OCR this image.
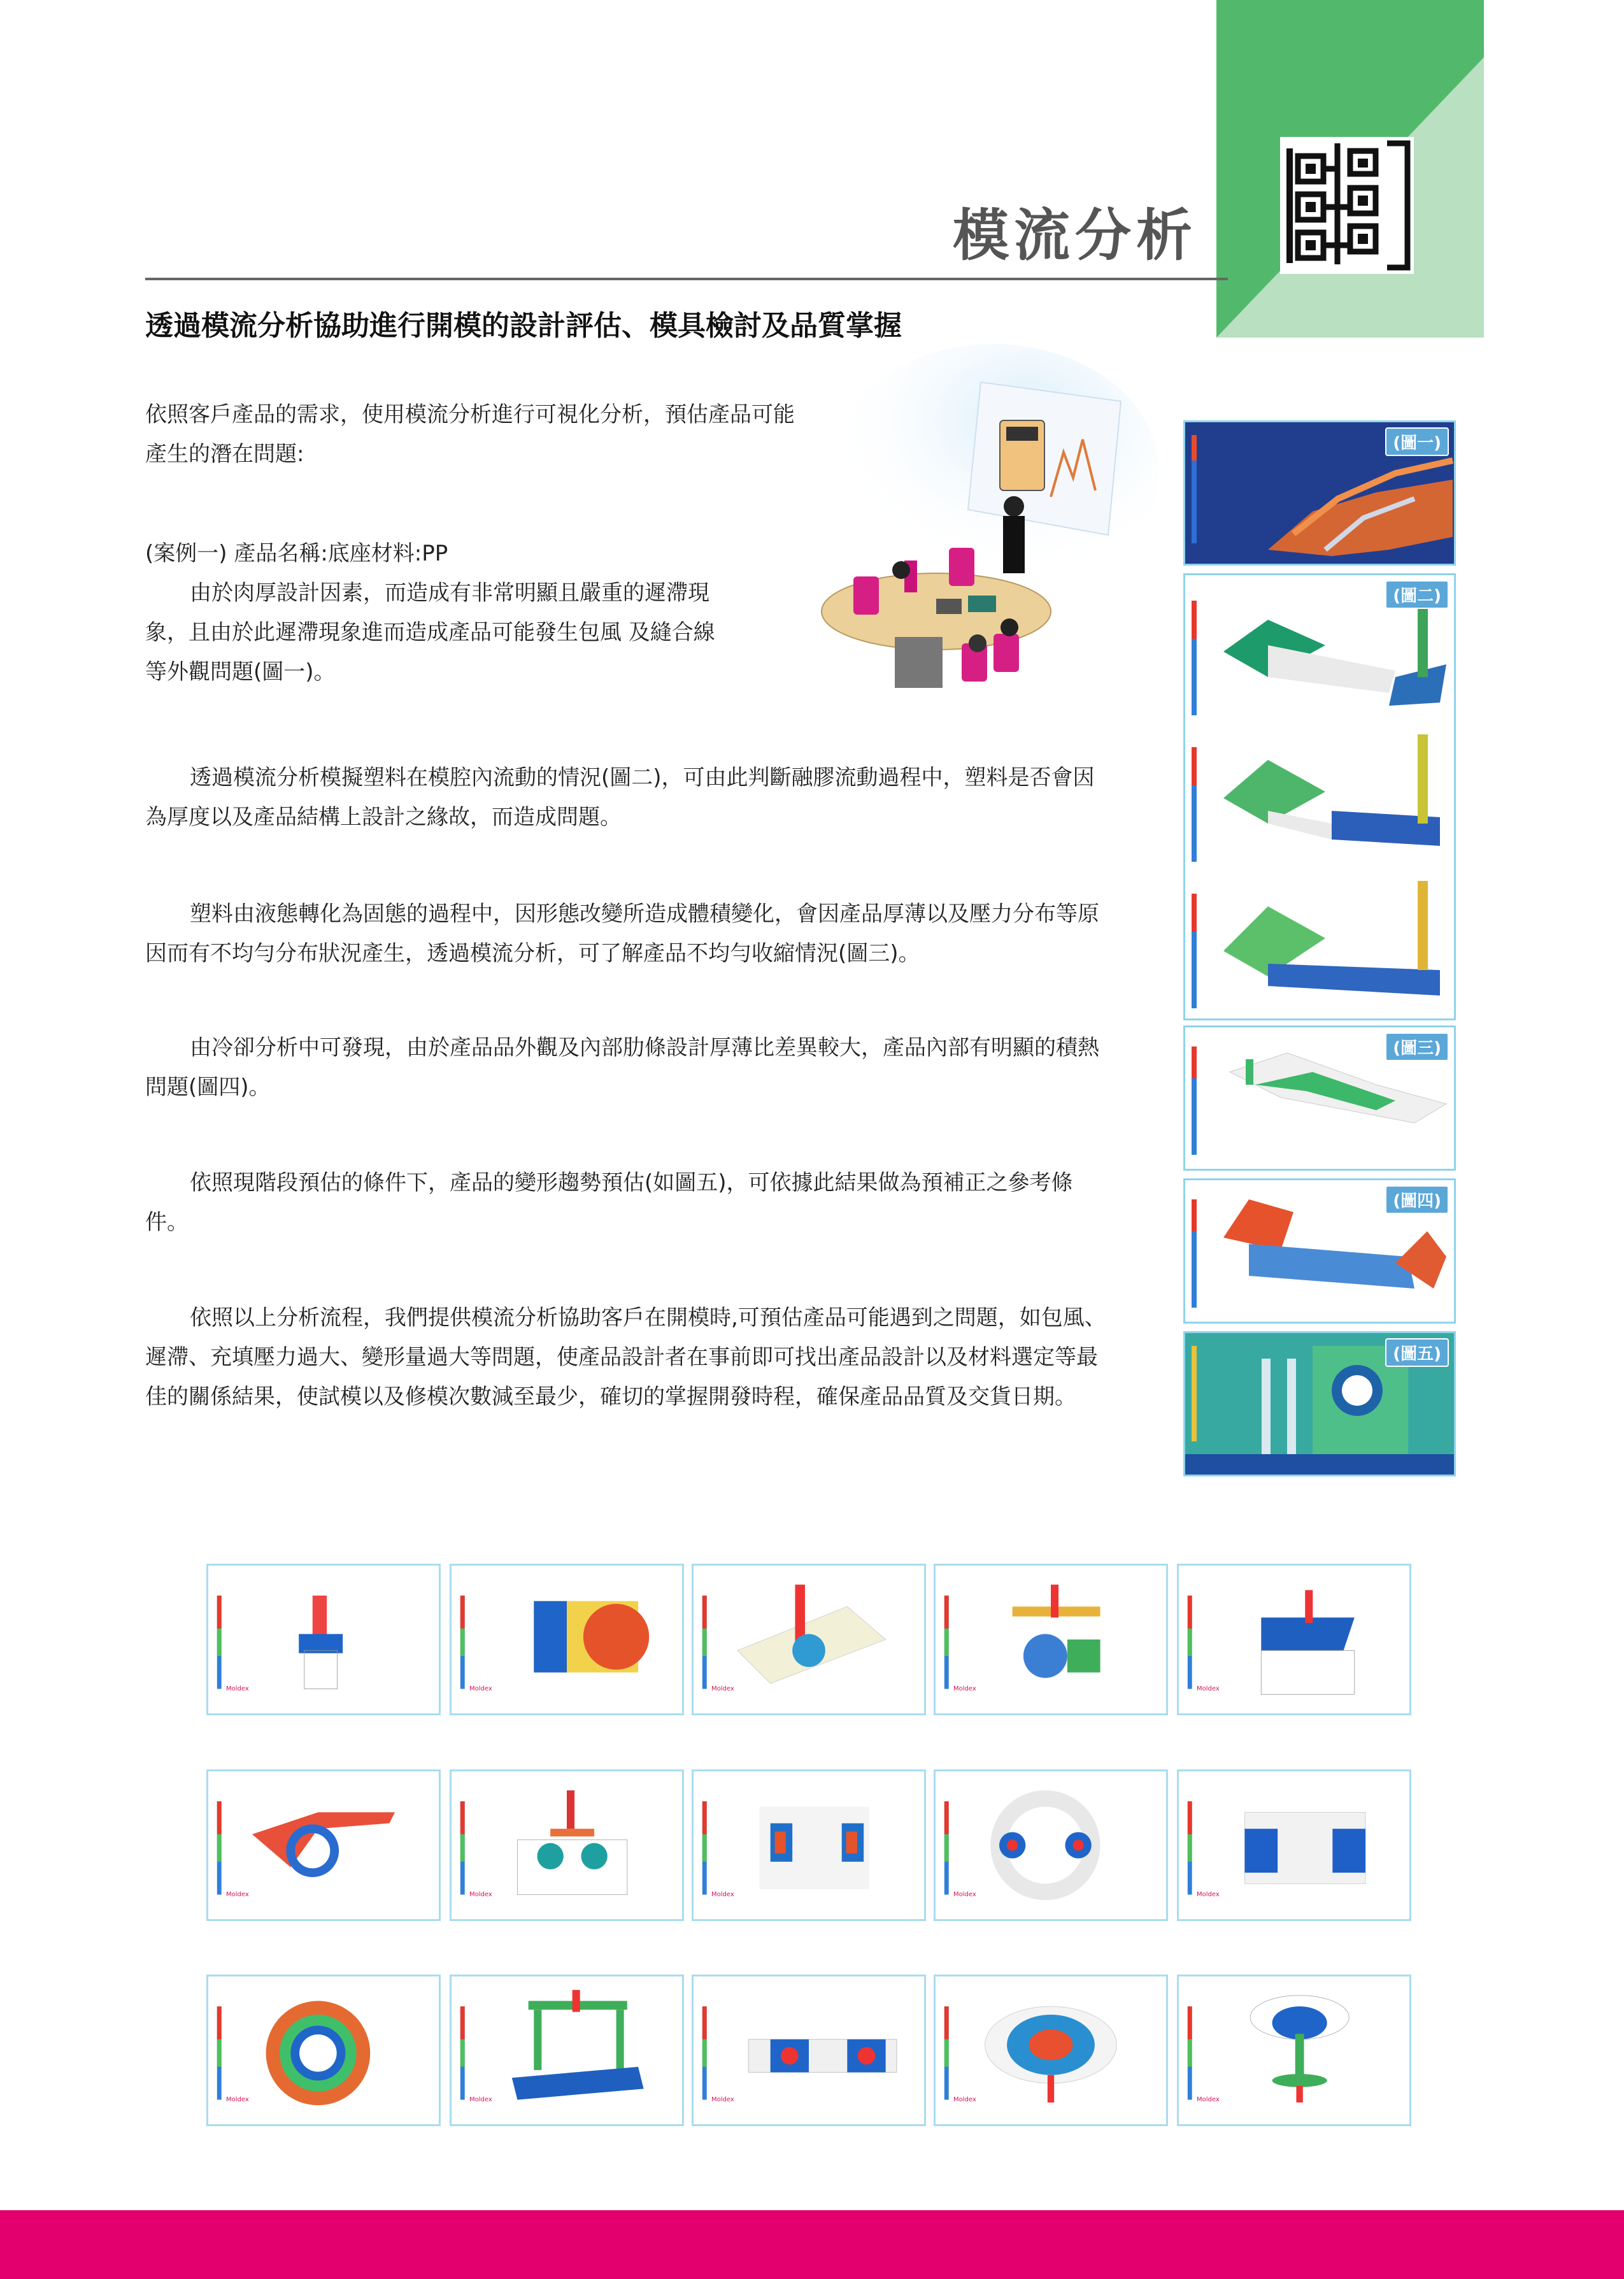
模流分析
透過模流分析協助進行開模的設計評估、模具檢討及品質掌握
依照客戶產品的需求，使用模流分析進行可視化分析，預估產品可能產生的潛在問題:
(案例一) 產品名稱:底座材料:PP
由於肉厚設計因素，而造成有非常明顯且嚴重的遲滯現象，且由於此遲滯現象進而造成產品可能發生包風 及縫合線等外觀問題(圖一)。
透過模流分析模擬塑料在模腔內流動的情況(圖二)，可由此判斷融膠流動過程中，塑料是否會因為厚度以及產品結構上設計之緣故，而造成問題。
塑料由液態轉化為固態的過程中，因形態改變所造成體積變化，會因產品厚薄以及壓力分布等原因而有不均勻分布狀況產生，透過模流分析，可了解產品不均勻收縮情況(圖三)。
由冷卻分析中可發現，由於產品品外觀及內部肋條設計厚薄比差異較大，產品內部有明顯的積熱問題(圖四)。
依照現階段預估的條件下，產品的變形趨勢預估(如圖五)，可依據此結果做為預補正之參考條件。
依照以上分析流程，我們提供模流分析協助客戶在開模時,可預估產品可能遇到之問題，如包風、遲滯、充填壓力過大、變形量過大等問題，使產品設計者在事前即可找出產品設計以及材料選定等最佳的關係結果，使試模以及修模次數減至最少，確切的掌握開發時程，確保產品品質及交貨日期。
(圖一)
(圖二)
(圖三)
(圖四)
(圖五)
Moldex	Moldex	Moldex	Moldex	Moldex
Moldex	Moldex	Moldex	Moldex	Moldex
Moldex	Moldex	Moldex	Moldex	Moldex
